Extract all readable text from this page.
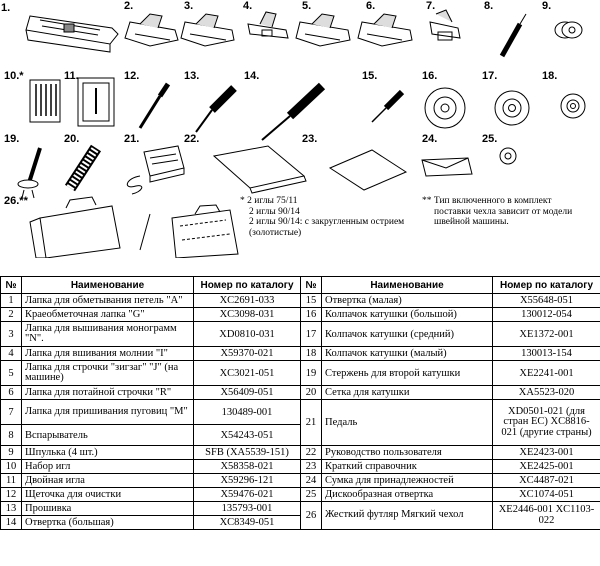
1.	2.	3.	4.	5.	6.	7.	8.	9.
10.*	11.	12.	13.	14.	15.	16.	17.	18.
19.	20.	21.	22.	23.	24.	25.
26.**	* 2 иглы 75/11
2 иглы 90/14
2 иглы 90/14: с закругленным острием
(золотистые)
** Тип включенного в комплект
поставки чехла зависит от модели
швейной машины.
№	Наименование	Номер по каталогу	№	Наименование	Номер по каталогу
1	Лапка для обметывания петель "A"	XC2691-033	15	Отвертка (малая)	X55648-051
2	Краеобметочная лапка "G"	XC3098-031	16	Колпачок катушки (большой)	130012-054
3	Лапка для вышивания монограмм "N".	XD0810-031	17	Колпачок катушки (средний)	XE1372-001
4	Лапка для вшивания молнии "I"	X59370-021	18	Колпачок катушки (малый)	130013-154
5	Лапка для строчки "зигзаг" "J" (на машине)	XC3021-051	19	Стержень для второй катушки	XE2241-001
6	Лапка для потайной строчки "R"	X56409-051	20	Сетка для катушки	XA5523-020
7	Лапка для пришивания пуговиц "M"	130489-001	21	Педаль	XD0501-021 (для стран ЕС) XC8816-021 (другие страны)
8	Вспарыватель	X54243-051			
9	Шпулька (4 шт.)	SFB (XA5539-151)	22	Руководство пользователя	XE2423-001
10	Набор игл	X58358-021	23	Краткий справочник	XE2425-001
11	Двойная игла	X59296-121	24	Сумка для принадлежностей	XC4487-021
12	Щеточка для очистки	X59476-021	25	Дискообразная отвертка	XC1074-051
13	Прошивка	135793-001	26	Жесткий футляр Мягкий чехол	XE2446-001 XC1103-022
14	Отвертка (большая)	XC8349-051			
